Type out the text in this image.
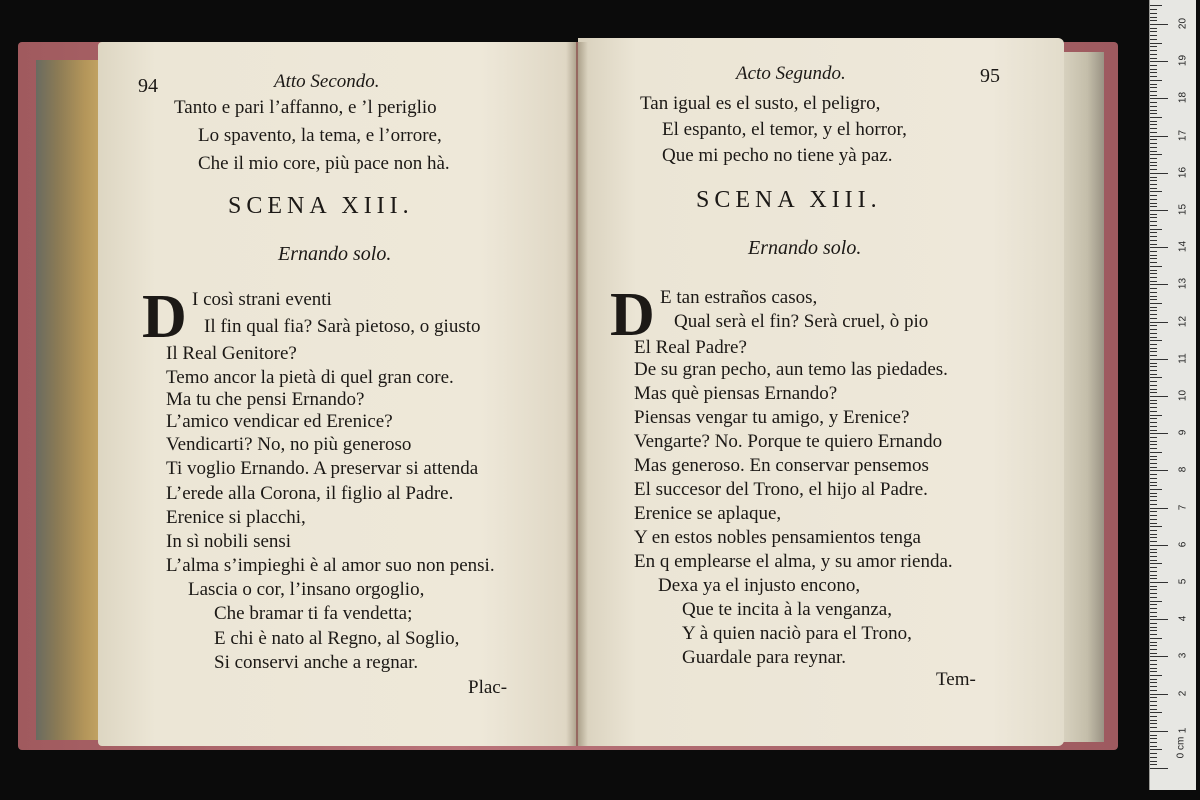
94	Atto Secondo.
Tanto e pari l’affanno, e ’l periglio
Lo spavento, la tema, e l’orrore,
Che il mio core, più pace non hà.
SCENA XIII.
Ernando solo.
D I così strani eventi
Il fin qual fia? Sarà pietoso, o giusto
Il Real Genitore?
Temo ancor la pietà di quel gran core.
Ma tu che pensi Ernando?
L’amico vendicar ed Erenice?
Vendicarti? No, no più generoso
Ti voglio Ernando. A preservar si attenda
L’erede alla Corona, il figlio al Padre.
Erenice si placchi,
In sì nobili sensi
L’alma s’impieghi è al amor suo non pensi.
Lascia o cor, l’insano orgoglio,
Che bramar ti fa vendetta;
E chi è nato al Regno, al Soglio,
Si conservi anche a regnar.
Plac-
Acto Segundo.	95
Tan igual es el susto, el peligro,
El espanto, el temor, y el horror,
Que mi pecho no tiene yà paz.
SCENA XIII.
Ernando solo.
D E tan estraños casos,
Qual serà el fin? Serà cruel, ò pio
El Real Padre?
De su gran pecho, aun temo las piedades.
Mas què piensas Ernando?
Piensas vengar tu amigo, y Erenice?
Vengarte? No. Porque te quiero Ernando
Mas generoso. En conservar pensemos
El succesor del Trono, el hijo al Padre.
Erenice se aplaque,
Y en estos nobles pensamientos tenga
En q emplearse el alma, y su amor rienda.
Dexa ya el injusto encono,
Que te incita à la venganza,
Y à quien naciò para el Trono,
Guardale para reynar.
Tem-
1
2
3
4
5
6
7
8
9
10
11
12
13
14
15
16
17
18
19
20
0 cm
